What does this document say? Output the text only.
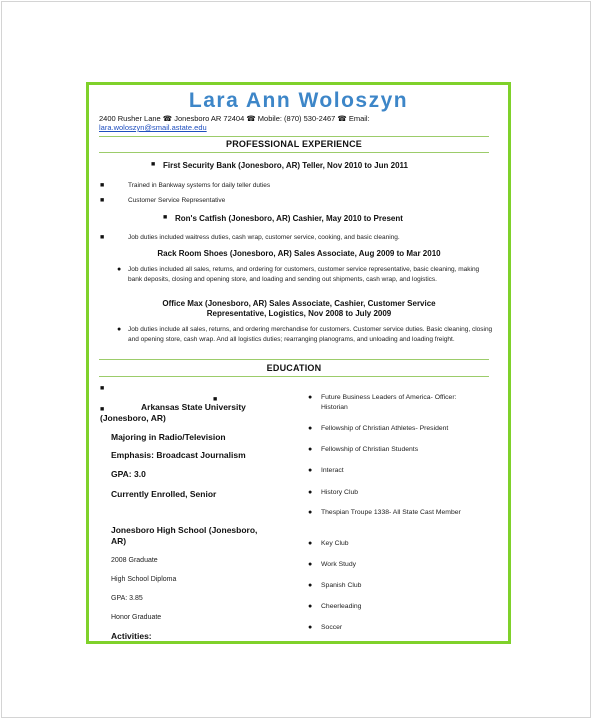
Lara Ann Woloszyn
2400 Rusher Lane ☎ Jonesboro AR 72404 ☎ Mobile: (870) 530-2467 ☎ Email:
lara.woloszyn@smail.astate.edu
PROFESSIONAL EXPERIENCE
■ First Security Bank (Jonesboro, AR) Teller, Nov 2010 to Jun 2011
■	Trained in Bankway systems for daily teller duties
■	Customer Service Representative
■ Ron's Catfish (Jonesboro, AR) Cashier, May 2010 to Present
■	Job duties included waitress duties, cash wrap, customer service, cooking, and basic cleaning.
Rack Room Shoes (Jonesboro, AR) Sales Associate, Aug 2009 to Mar 2010
● Job duties included all sales, returns, and ordering for customers, customer service representative, basic cleaning, making bank deposits, closing and opening store, and loading and sending out shipments, cash wrap, and logistics.
Office Max (Jonesboro, AR) Sales Associate, Cashier, Customer Service Representative, Logistics, Nov 2008 to July 2009
● Job duties include all sales, returns, and ordering merchandise for customers. Customer service duties. Basic cleaning, closing and opening store, cash wrap. And all logistics duties; rearranging planograms, and unloading and loading freight.
EDUCATION
■
■
■	Arkansas State University (Jonesboro, AR)
Majoring in Radio/Television
Emphasis: Broadcast Journalism
GPA: 3.0
Currently Enrolled, Senior
Jonesboro High School (Jonesboro, AR)
2008 Graduate
High School Diploma
GPA: 3.85
Honor Graduate
Activities:
● Future Business Leaders of America- Officer: Historian
● Fellowship of Christian Athletes- President
● Fellowship of Christian Students
● Interact
● History Club
● Thespian Troupe 1338- All State Cast Member
● Key Club
● Work Study
● Spanish Club
● Cheerleading
● Soccer
